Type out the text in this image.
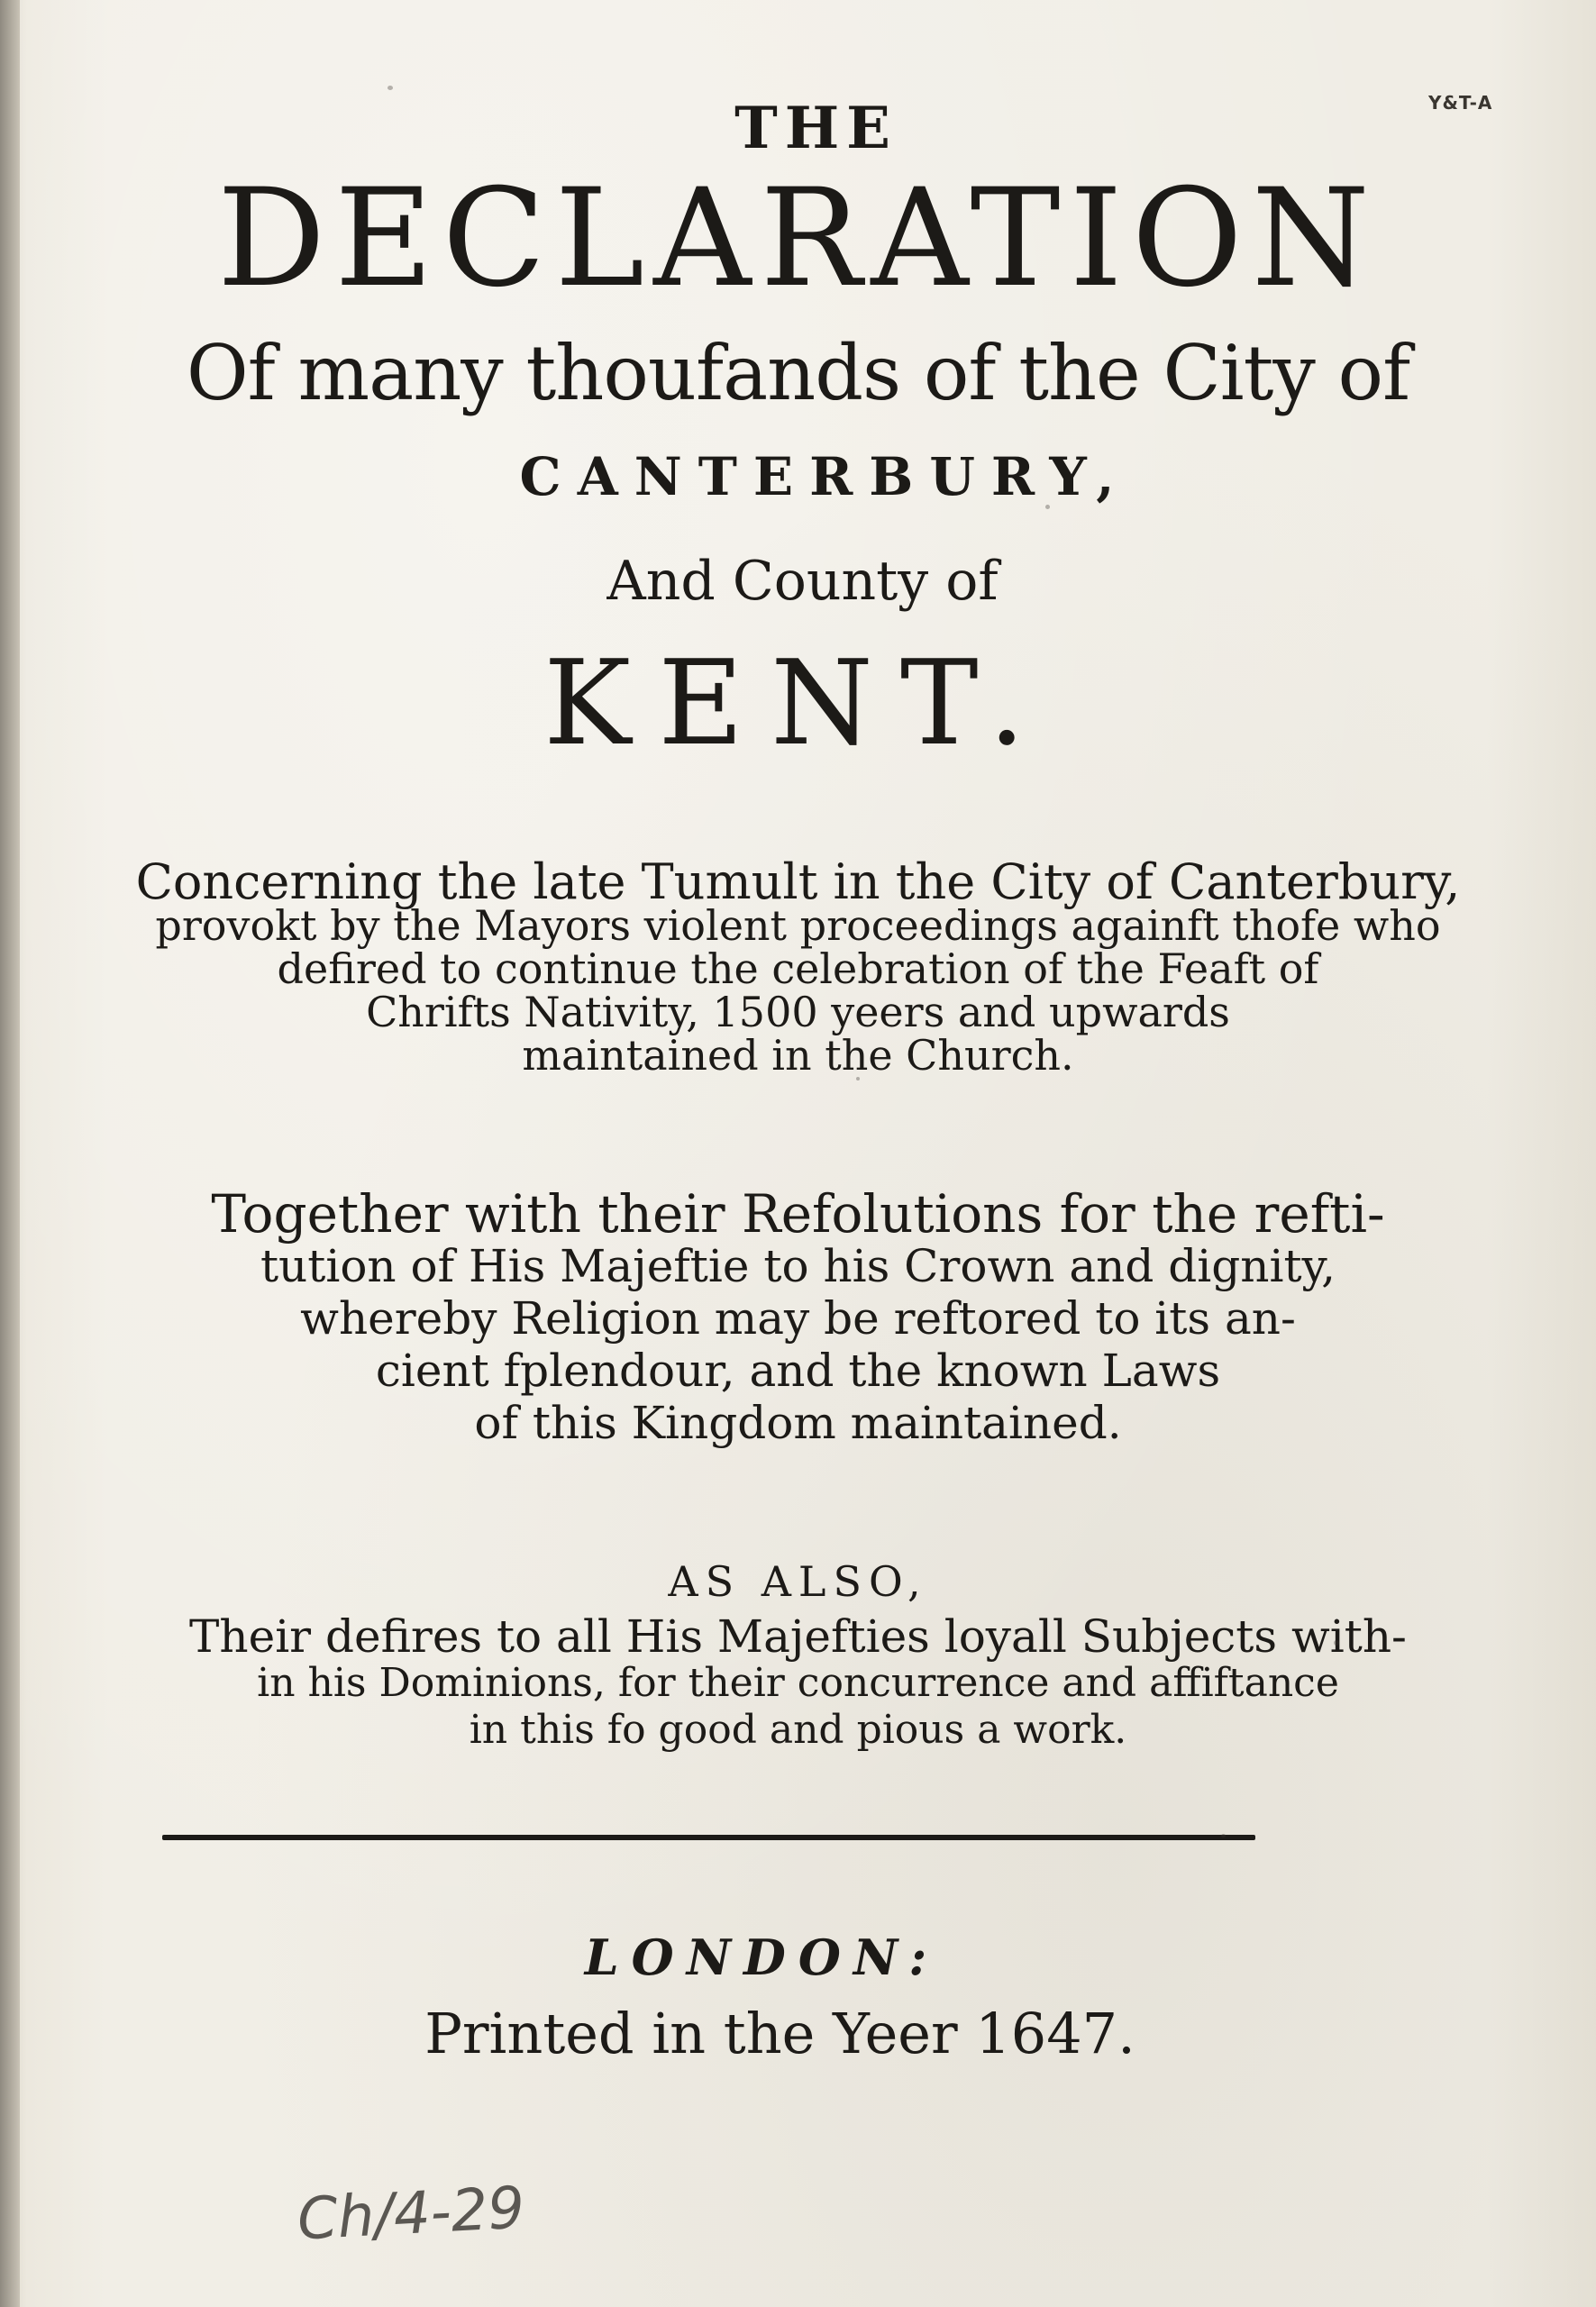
Y&T-A
THE
DECLARATION
Of many thoufands of the City of
CANTERBURY,
And County of
KENT.
Concerning the late Tumult in the City of Canterbury,
provokt by the Mayors violent proceedings againft thofe who
defired to continue the celebration of the Feaft of
Chrifts Nativity, 1500 yeers and upwards
maintained in the Church.
Together with their Refolutions for the refti-
tution of His Majeftie to his Crown and dignity,
whereby Religion may be reftored to its an-
cient fplendour, and the known Laws
of this Kingdom maintained.
AS ALSO,
Their defires to all His Majefties loyall Subjects with-
in his Dominions, for their concurrence and affiftance
in this fo good and pious a work.
LONDON:
Printed in the Yeer 1647.
Ch/4-29
